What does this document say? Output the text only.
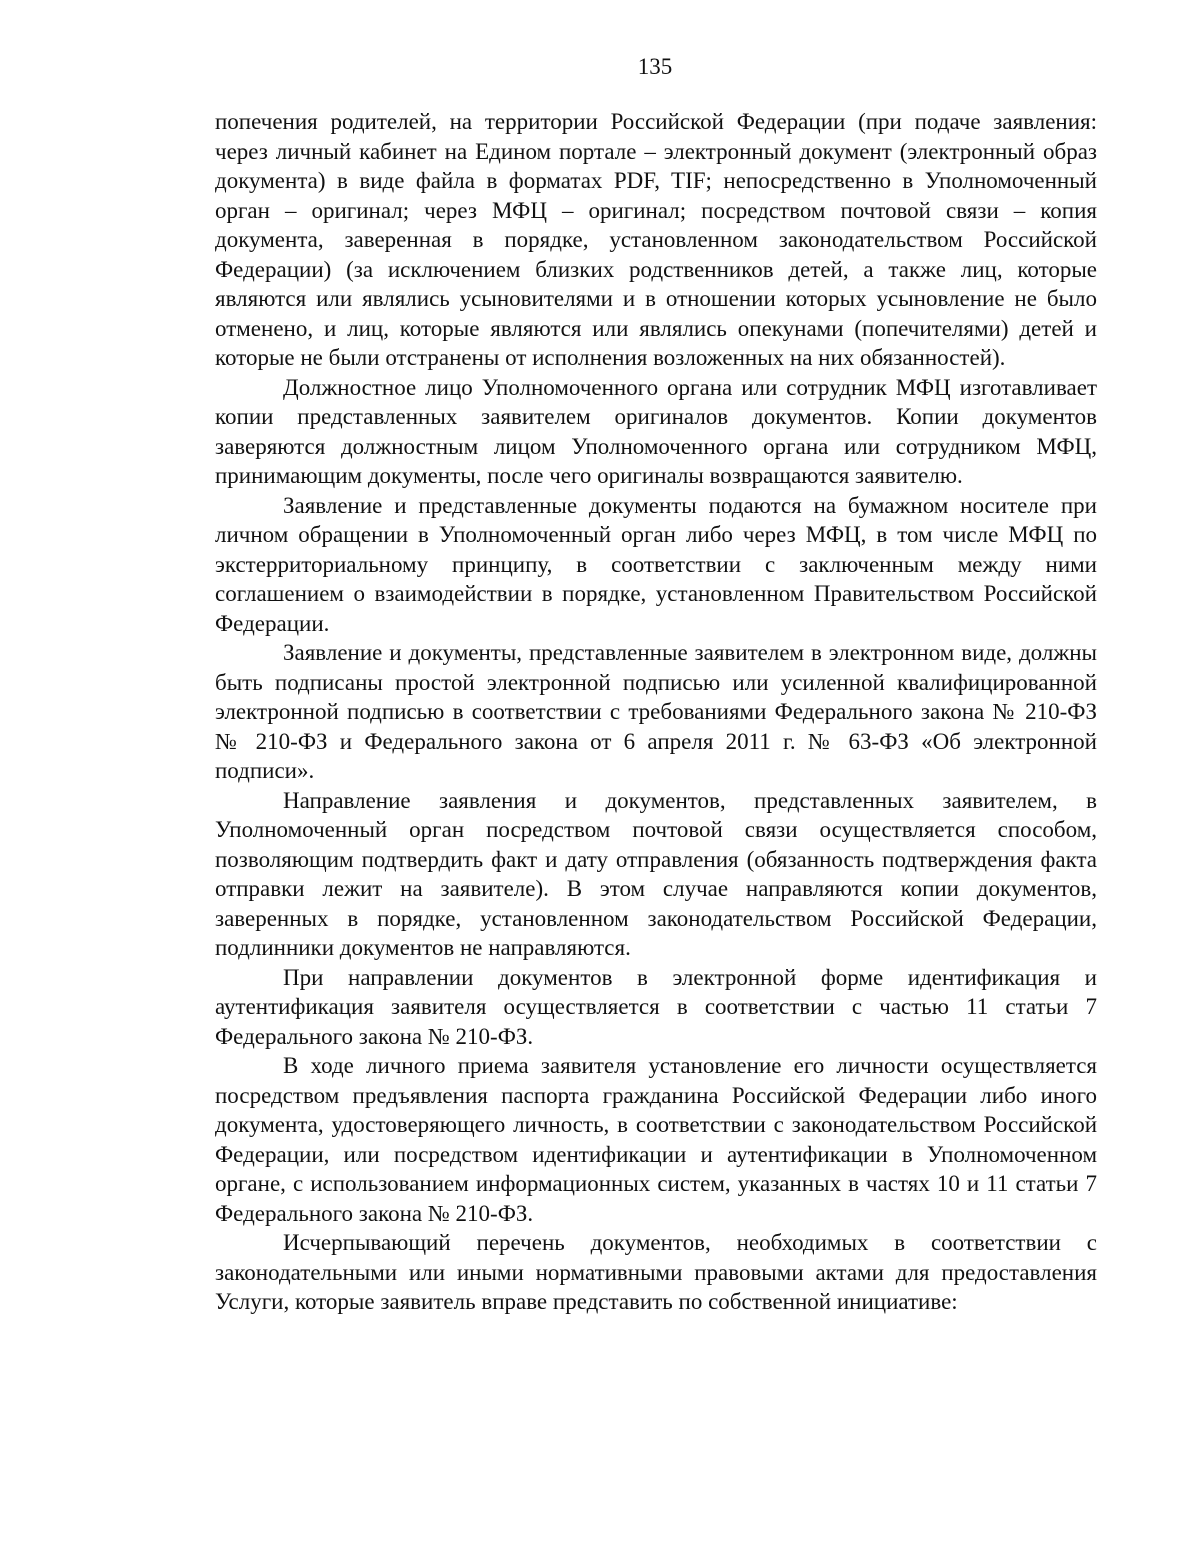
135

попечения родителей, на территории Российской Федерации (при подаче заявления: через личный кабинет на Едином портале – электронный документ (электронный образ документа) в виде файла в форматах PDF, TIF; непосредственно в Уполномоченный орган – оригинал; через МФЦ – оригинал; посредством почтовой связи – копия документа, заверенная в порядке, установленном законодательством Российской Федерации) (за исключением близких родственников детей, а также лиц, которые являются или являлись усыновителями и в отношении которых усыновление не было отменено, и лиц, которые являются или являлись опекунами (попечителями) детей и которые не были отстранены от исполнения возложенных на них обязанностей).

Должностное лицо Уполномоченного органа или сотрудник МФЦ изготавливает копии представленных заявителем оригиналов документов. Копии документов заверяются должностным лицом Уполномоченного органа или сотрудником МФЦ, принимающим документы, после чего оригиналы возвращаются заявителю.

Заявление и представленные документы подаются на бумажном носителе при личном обращении в Уполномоченный орган либо через МФЦ, в том числе МФЦ по экстерриториальному принципу, в соответствии с заключенным между ними соглашением о взаимодействии в порядке, установленном Правительством Российской Федерации.

Заявление и документы, представленные заявителем в электронном виде, должны быть подписаны простой электронной подписью или усиленной квалифицированной электронной подписью в соответствии с требованиями Федерального закона № 210-ФЗ № 210-ФЗ и Федерального закона от 6 апреля 2011 г. № 63-ФЗ «Об электронной подписи».

Направление заявления и документов, представленных заявителем, в Уполномоченный орган посредством почтовой связи осуществляется способом, позволяющим подтвердить факт и дату отправления (обязанность подтверждения факта отправки лежит на заявителе). В этом случае направляются копии документов, заверенных в порядке, установленном законодательством Российской Федерации, подлинники документов не направляются.

При направлении документов в электронной форме идентификация и аутентификация заявителя осуществляется в соответствии с частью 11 статьи 7 Федерального закона № 210-ФЗ.

В ходе личного приема заявителя установление его личности осуществляется посредством предъявления паспорта гражданина Российской Федерации либо иного документа, удостоверяющего личность, в соответствии с законодательством Российской Федерации, или посредством идентификации и аутентификации в Уполномоченном органе, с использованием информационных систем, указанных в частях 10 и 11 статьи 7 Федерального закона № 210-ФЗ.

Исчерпывающий перечень документов, необходимых в соответствии с законодательными или иными нормативными правовыми актами для предоставления Услуги, которые заявитель вправе представить по собственной инициативе:
